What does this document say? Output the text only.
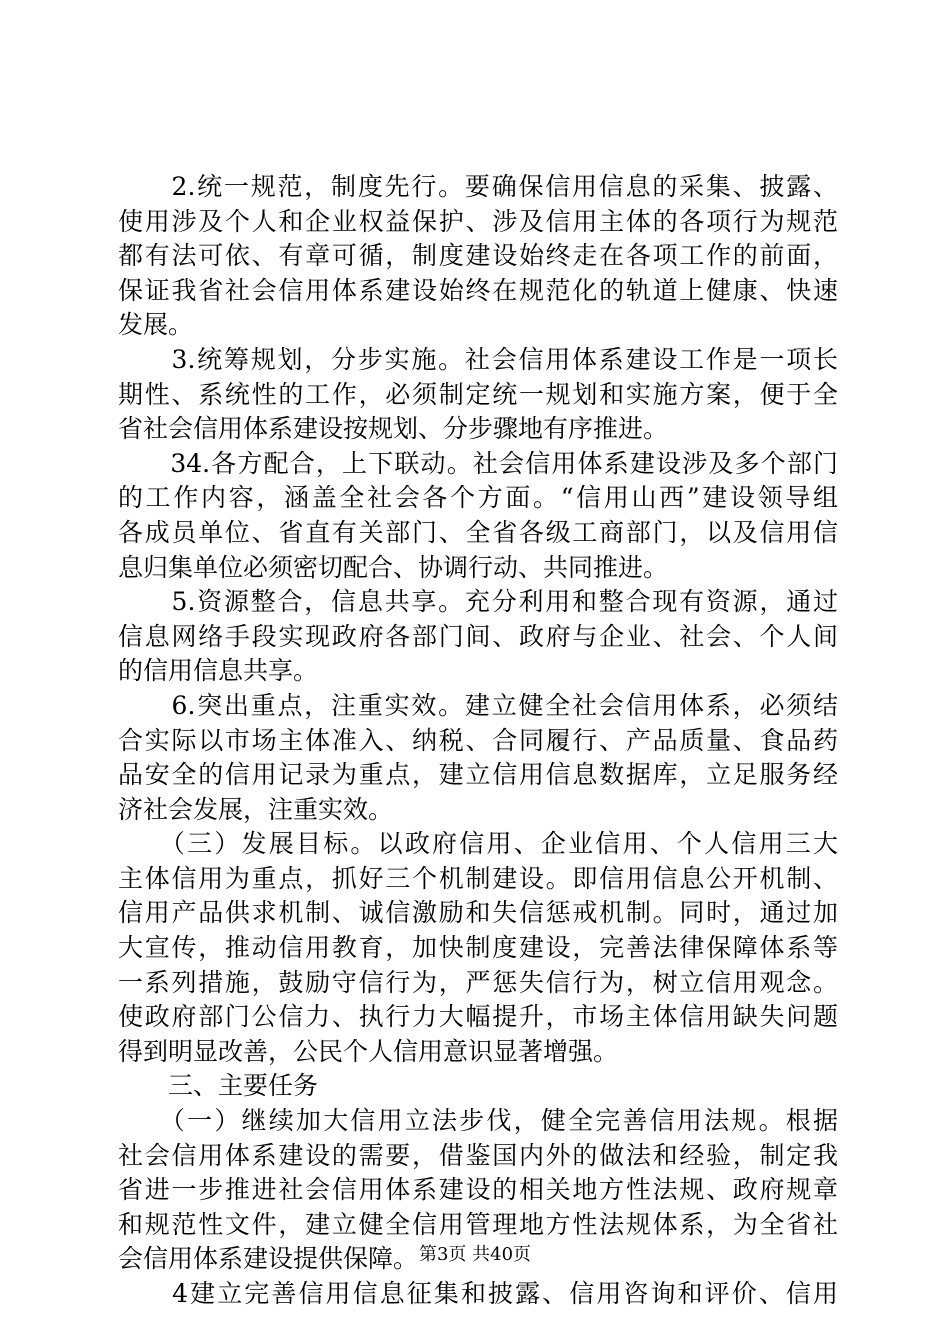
　　2.统一规范，制度先行。要确保信用信息的采集、披露、
使用涉及个人和企业权益保护、涉及信用主体的各项行为规范
都有法可依、有章可循，制度建设始终走在各项工作的前面，
保证我省社会信用体系建设始终在规范化的轨道上健康、快速
发展。
　　3.统筹规划，分步实施。社会信用体系建设工作是一项长
期性、系统性的工作，必须制定统一规划和实施方案，便于全
省社会信用体系建设按规划、分步骤地有序推进。
　　34.各方配合，上下联动。社会信用体系建设涉及多个部门
的工作内容，涵盖全社会各个方面。“信用山西”建设领导组
各成员单位、省直有关部门、全省各级工商部门，以及信用信
息归集单位必须密切配合、协调行动、共同推进。
　　5.资源整合，信息共享。充分利用和整合现有资源，通过
信息网络手段实现政府各部门间、政府与企业、社会、个人间
的信用信息共享。
　　6.突出重点，注重实效。建立健全社会信用体系，必须结
合实际以市场主体准入、纳税、合同履行、产品质量、食品药
品安全的信用记录为重点，建立信用信息数据库，立足服务经
济社会发展，注重实效。
　　（三）发展目标。以政府信用、企业信用、个人信用三大
主体信用为重点，抓好三个机制建设。即信用信息公开机制、
信用产品供求机制、诚信激励和失信惩戒机制。同时，通过加
大宣传，推动信用教育，加快制度建设，完善法律保障体系等
一系列措施，鼓励守信行为，严惩失信行为，树立信用观念。
使政府部门公信力、执行力大幅提升，市场主体信用缺失问题
得到明显改善，公民个人信用意识显著增强。
　　三、主要任务
　　（一）继续加大信用立法步伐，健全完善信用法规。根据
社会信用体系建设的需要，借鉴国内外的做法和经验，制定我
省进一步推进社会信用体系建设的相关地方性法规、政府规章
和规范性文件，建立健全信用管理地方性法规体系，为全省社
会信用体系建设提供保障。
　　4建立完善信用信息征集和披露、信用咨询和评价、信用
第3页 共40页
